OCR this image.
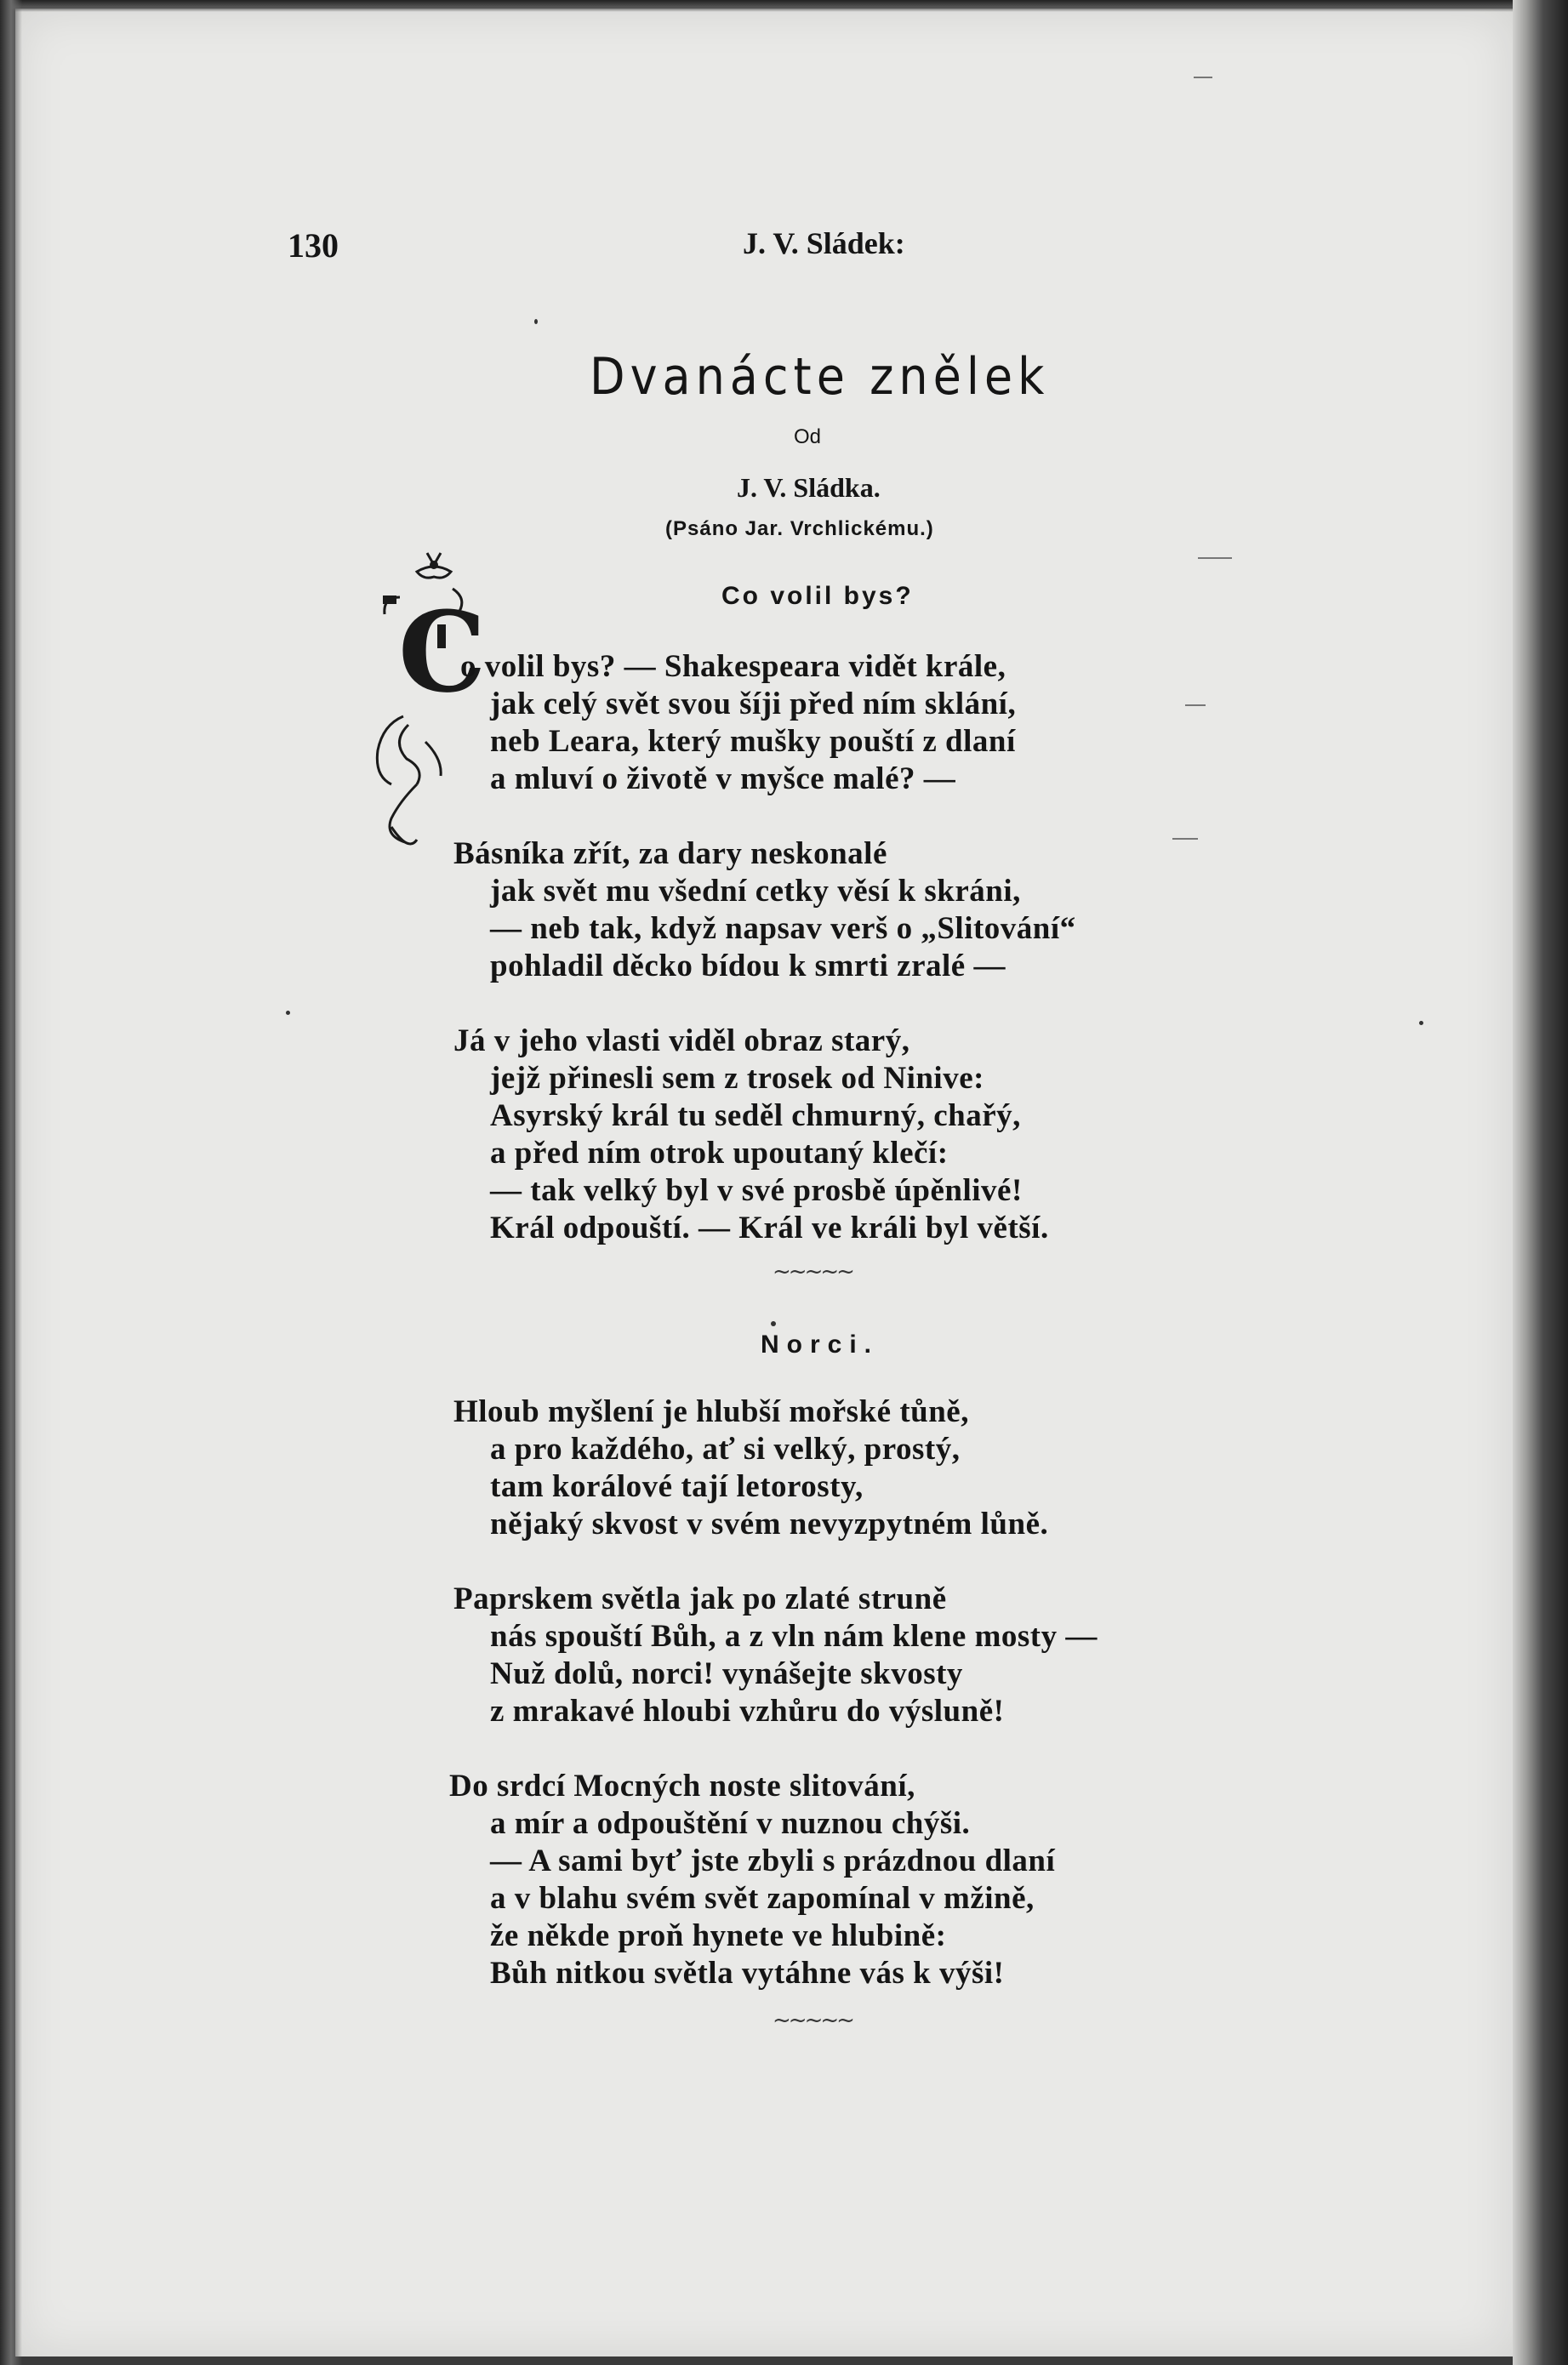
130	J. V. Sládek:
Dvanácte znělek
Od
J. V. Sládka.
(Psáno Jar. Vrchlickému.)
Co volil bys?
C
o volil bys? — Shakespeara vidět krále,
jak celý svět svou šíji před ním sklání,
neb Leara, který mušky pouští z dlaní
a mluví o životě v myšce malé? —
Básníka zřít, za dary neskonalé
jak svět mu všední cetky věsí k skráni,
— neb tak, když napsav verš o „Slitování“
pohladil děcko bídou k smrti zralé —
Já v jeho vlasti viděl obraz starý,
jejž přinesli sem z trosek od Ninive:
Asyrský král tu seděl chmurný, chařý,
a před ním otrok upoutaný klečí:
— tak velký byl v své prosbě úpěnlivé!
Král odpouští. — Král ve králi byl větší.
~~~~~
Norci.
Hloub myšlení je hlubší mořské tůně,
a pro každého, ať si velký, prostý,
tam korálové tají letorosty,
nějaký skvost v svém nevyzpytném lůně.
Paprskem světla jak po zlaté struně
nás spouští Bůh, a z vln nám klene mosty —
Nuž dolů, norci! vynášejte skvosty
z mrakavé hloubi vzhůru do výsluně!
Do srdcí Mocných noste slitování,
a mír a odpouštění v nuznou chýši.
— A sami byť jste zbyli s prázdnou dlaní
a v blahu svém svět zapomínal v mžině,
že někde proň hynete ve hlubině:
Bůh nitkou světla vytáhne vás k výši!
~~~~~
